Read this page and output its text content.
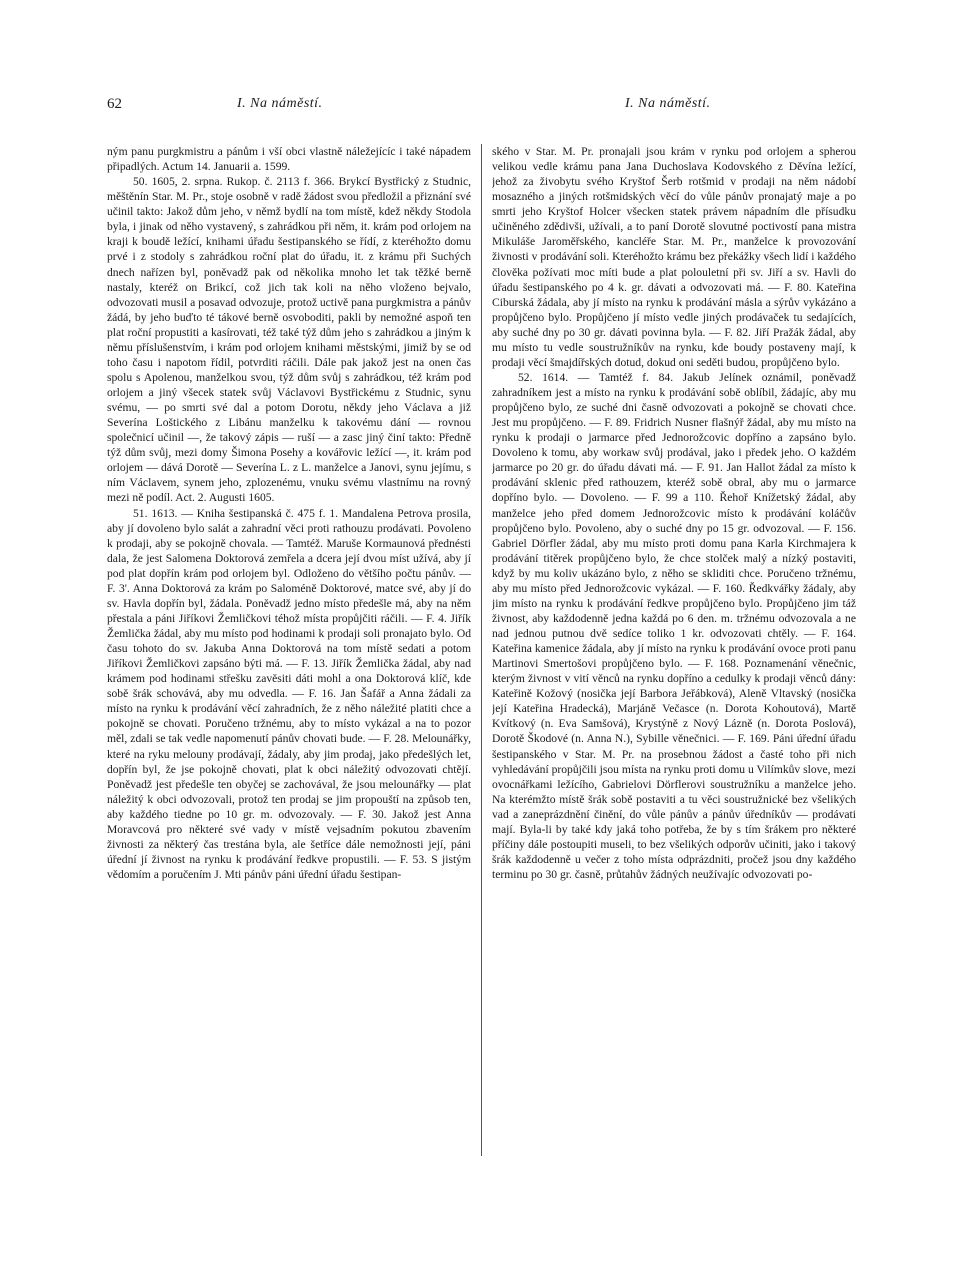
62	I. Na náměstí.	I. Na náměstí.

ným panu purgkmistru a pánům i vší obci vlastně náležejícíc i také nápadem připadlých. Actum 14. Januarii a. 1599.

50. 1605, 2. srpna. Rukop. č. 2113 f. 366. Brykcí Bystřický z Studnic, měštěnín Star. M. Pr., stoje osobně v radě žádost svou předložil a přiznání své učinil takto: Jakož dům jeho, v němž bydlí na tom místě, kdež někdy Stodola byla, i jinak od něho vystavený, s zahrádkou při něm, it. krám pod orlojem na kraji k boudě ležící, knihami úřadu šestipanského se řídí, z kteréhožto domu prvé i z stodoly s zahrádkou roční plat do úřadu, it. z krámu při Suchých dnech nařízen byl, poněvadž pak od několika mnoho let tak těžké berně nastaly, kteréž on Brikcí, což jich tak koli na něho vloženo bejvalo, odvozovati musil a posavad odvozuje, protož uctivě pana purgkmistra a pánův žádá, by jeho buďto té tákové berně osvoboditi, pakli by nemožné aspoň ten plat roční propustiti a kasírovati, též také týž dům jeho s zahrádkou a jiným k němu příslušenstvím, i krám pod orlojem knihami městskými, jimiž by se od toho času i napotom řídil, potvrditi ráčili. Dále pak jakož jest na onen čas spolu s Apolenou, manželkou svou, týž dům svůj s zahrádkou, též krám pod orlojem a jiný všecek statek svůj Václavovi Bystřickému z Studnic, synu svému, — po smrti své dal a potom Dorotu, někdy jeho Václava a již Severína Loštického z Libánu manželku k takovému dání — rovnou společnicí učinil —, že takový zápis — ruší — a zasc jiný činí takto: Předně týž dům svůj, mezi domy Šimona Posehy a kovářovic ležící —, it. krám pod orlojem — dává Dorotě — Severína L. z L. manželce a Janovi, synu jejímu, s ním Václavem, synem jeho, zplozenému, vnuku svému vlastnímu na rovný mezi ně podíl. Act. 2. Augusti 1605.

51. 1613. — Kniha šestipanská č. 475 f. 1. Mandalena Petrova prosila, aby jí dovoleno bylo salát a zahradní věci proti rathouzu prodávati. Povoleno k prodaji, aby se pokojně chovala. — Tamtéž. Maruše Kormaunová přednésti dala, že jest Salomena Doktorová zemřela a dcera její dvou míst užívá, aby jí pod plat dopřín krám pod orlojem byl. Odloženo do většího počtu pánův. — F. 3'. Anna Doktorová za krám po Saloméně Doktorové, matce své, aby jí do sv. Havla dopřín byl, žádala. Poněvadž jedno místo předešle má, aby na něm přestala a páni Jiříkovi Žemličkovi téhož místa propůjčiti ráčili. — F. 4. Jiřík Žemlička žádal, aby mu místo pod hodinami k prodaji soli pronajato bylo. Od času tohoto do sv. Jakuba Anna Doktorová na tom místě sedati a potom Jiříkovi Žemličkovi zapsáno býti má. — F. 13. Jiřík Žemlička žádal, aby nad krámem pod hodinami střešku zavěsiti dáti mohl a ona Doktorová klíč, kde sobě šrák schovává, aby mu odvedla. — F. 16. Jan Šafář a Anna žádali za místo na rynku k prodávání věcí zahradních, že z něho náležité platiti chce a pokojně se chovati. Poručeno tržnému, aby to místo vykázal a na to pozor měl, zdali se tak vedle napomenutí pánův chovati bude. — F. 28. Melounářky, které na ryku melouny prodávají, žádaly, aby jim prodaj, jako předešlých let, dopřín byl, že jse pokojně chovati, plat k obci náležitý odvozovati chtějí. Poněvadž jest předešle ten obyčej se zachovával, že jsou melounářky — plat náležitý k obci odvozovali, protož ten prodaj se jim propouští na způsob ten, aby každého tiedne po 10 gr. m. odvozovaly. — F. 30. Jakož jest Anna Moravcová pro některé své vady v místě vejsadním pokutou zbavením živnosti za některý čas trestána byla, ale šetříce dále nemožnosti její, páni úřední jí živnost na rynku k prodávání ředkve propustili. — F. 53. S jistým vědomím a poručením J. Mti pánův páni úřední úřadu šestipan-

ského v Star. M. Pr. pronajali jsou krám v rynku pod orlojem a spherou velikou vedle krámu pana Jana Duchoslava Kodovského z Děvína ležící, jehož za živobytu svého Kryštof Šerb rotšmid v prodaji na něm nádobí mosazného a jiných rotšmidských věcí do vůle pánův pronajatý maje a po smrti jeho Kryštof Holcer všecken statek právem nápadním dle přísudku učiněného zdědivši, užívali, a to paní Dorotě slovutné poctivostí pana mistra Mikuláše Jaroměřského, kancléře Star. M. Pr., manželce k provozování živnosti v prodávání soli. Kteréhožto krámu bez překážky všech lidí i každého člověka požívati moc míti bude a plat polouletní při sv. Jiří a sv. Havli do úřadu šestipanského po 4 k. gr. dávati a odvozovati má. — F. 80. Kateřina Ciburská žádala, aby jí místo na rynku k prodávání másla a sýrův vykázáno a propůjčeno bylo. Propůjčeno jí místo vedle jiných prodávaček tu sedajících, aby suché dny po 30 gr. dávati povinna byla. — F. 82. Jiří Pražák žádal, aby mu místo tu vedle soustružníkův na rynku, kde boudy postaveny mají, k prodaji věcí šmajdířských dotud, dokud oni seděti budou, propůjčeno bylo.

52. 1614. — Tamtéž f. 84. Jakub Jelínek oznámil, poněvadž zahradníkem jest a místo na rynku k prodávání sobě oblíbil, žádajíc, aby mu propůjčeno bylo, ze suché dni časně odvozovati a pokojně se chovati chce. Jest mu propůjčeno. — F. 89. Fridrich Nusner flašnýř žádal, aby mu místo na rynku k prodaji o jarmarce před Jednorožcovic dopříno a zapsáno bylo. Dovoleno k tomu, aby workaw svůj prodával, jako i předek jeho. O každém jarmarce po 20 gr. do úřadu dávati má. — F. 91. Jan Hallot žádal za místo k prodávání sklenic před rathouzem, kteréž sobě obral, aby mu o jarmarce dopříno bylo. — Dovoleno. — F. 99 a 110. Řehoř Knížetský žádal, aby manželce jeho před domem Jednorožcovic místo k prodávání koláčův propůjčeno bylo. Povoleno, aby o suché dny po 15 gr. odvozoval. — F. 156. Gabriel Dörfler žádal, aby mu místo proti domu pana Karla Kirchmajera k prodávání titěrek propůjčeno bylo, že chce stolček malý a nízký postaviti, když by mu koliv ukázáno bylo, z něho se skliditi chce. Poručeno tržnému, aby mu místo před Jednorožcovic vykázal. — F. 160. Ředkvářky žádaly, aby jim místo na rynku k prodávání ředkve propůjčeno bylo. Propůjčeno jim táž živnost, aby každodenně jedna každá po 6 den. m. tržnému odvozovala a ne nad jednou putnou dvě sedíce toliko 1 kr. odvozovati chtěly. — F. 164. Kateřina kamenice žádala, aby jí místo na rynku k prodávání ovoce proti panu Martinovi Smertošovi propůjčeno bylo. — F. 168. Poznamenání věnečnic, kterým živnost v vití věnců na rynku dopříno a cedulky k prodaji věnců dány: Kateřině Kožový (nosička její Barbora Jeřábková), Aleně Vltavský (nosička její Kateřina Hradecká), Marjáně Večasce (n. Dorota Kohoutová), Martě Kvítkový (n. Eva Samšová), Krystýně z Nový Lázně (n. Dorota Poslová), Dorotě Škodové (n. Anna N.), Sybille věnečnici. — F. 169. Páni úřední úřadu šestipanského v Star. M. Pr. na prosebnou žádost a časté toho při nich vyhledávání propůjčili jsou místa na rynku proti domu u Vilímkův slove, mezi ovocnářkami ležícího, Gabrielovi Dörflerovi soustružníku a manželce jeho. Na kterémžto místě šrák sobě postaviti a tu věci soustružnické bez všelikých vad a zaneprázdnění činění, do vůle pánův a pánův úředníkův — prodávati mají. Byla-li by také kdy jaká toho potřeba, že by s tím šrákem pro některé příčiny dále postoupiti museli, to bez všelikých odporův učiniti, jako i takový šrák každodenně u večer z toho místa odprázdniti, pročež jsou dny každého terminu po 30 gr. časně, průtahův žádných neužívajíc odvozovati po-
